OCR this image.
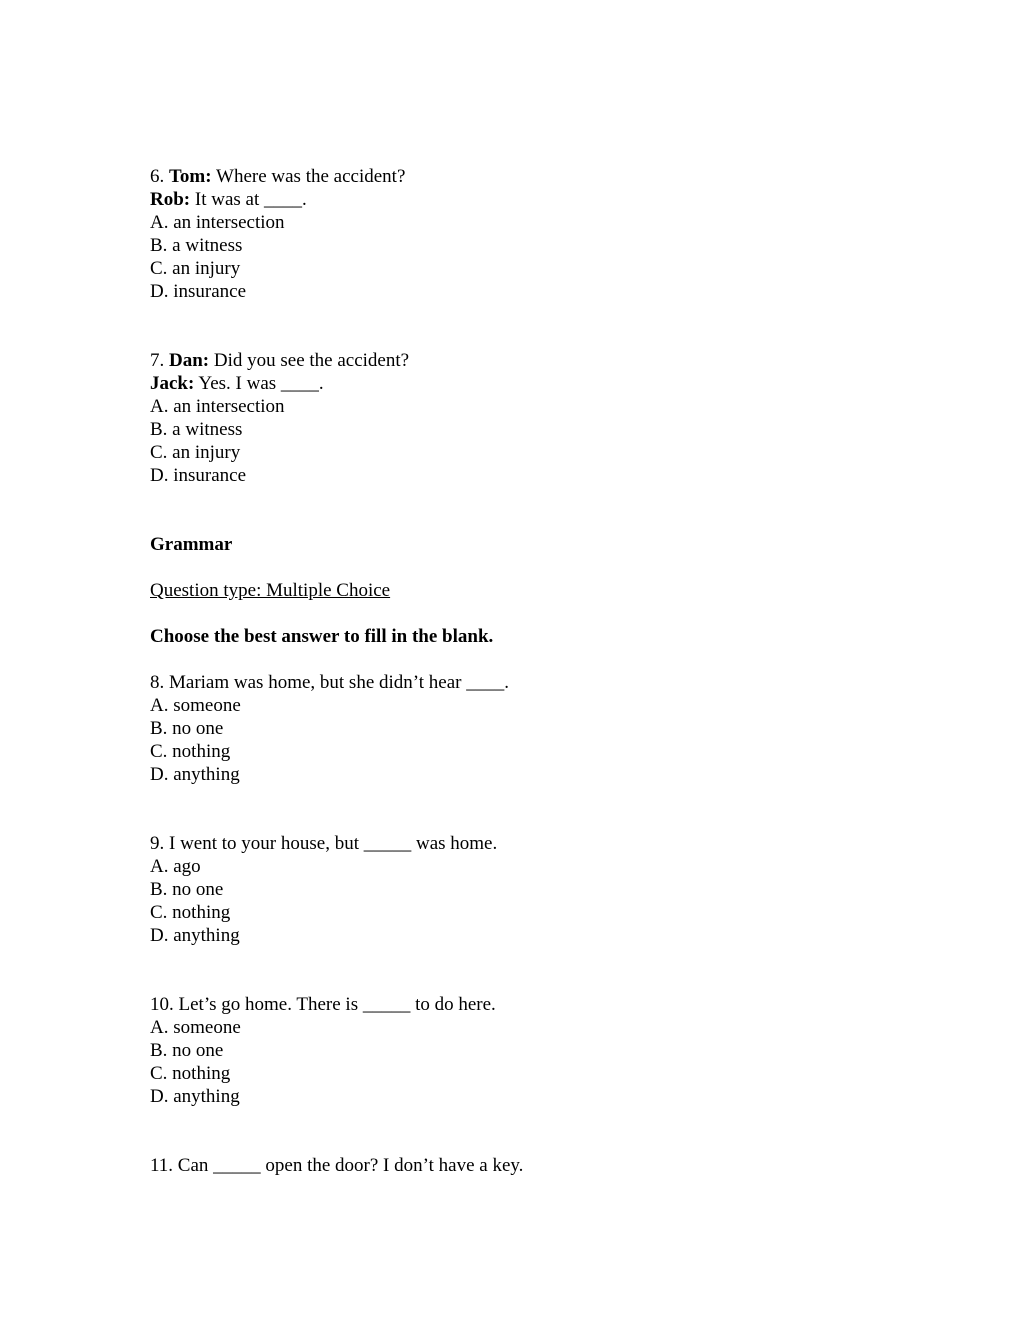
6. Tom: Where was the accident?
Rob: It was at ____.
A. an intersection
B. a witness
C. an injury
D. insurance
7. Dan: Did you see the accident?
Jack: Yes. I was ____.
A. an intersection
B. a witness
C. an injury
D. insurance
Grammar
Question type: Multiple Choice
Choose the best answer to fill in the blank.
8. Mariam was home, but she didn’t hear ____.
A. someone
B. no one
C. nothing
D. anything
9. I went to your house, but _____ was home.
A. ago
B. no one
C. nothing
D. anything
10. Let’s go home. There is _____ to do here.
A. someone
B. no one
C. nothing
D. anything
11. Can _____ open the door? I don’t have a key.
